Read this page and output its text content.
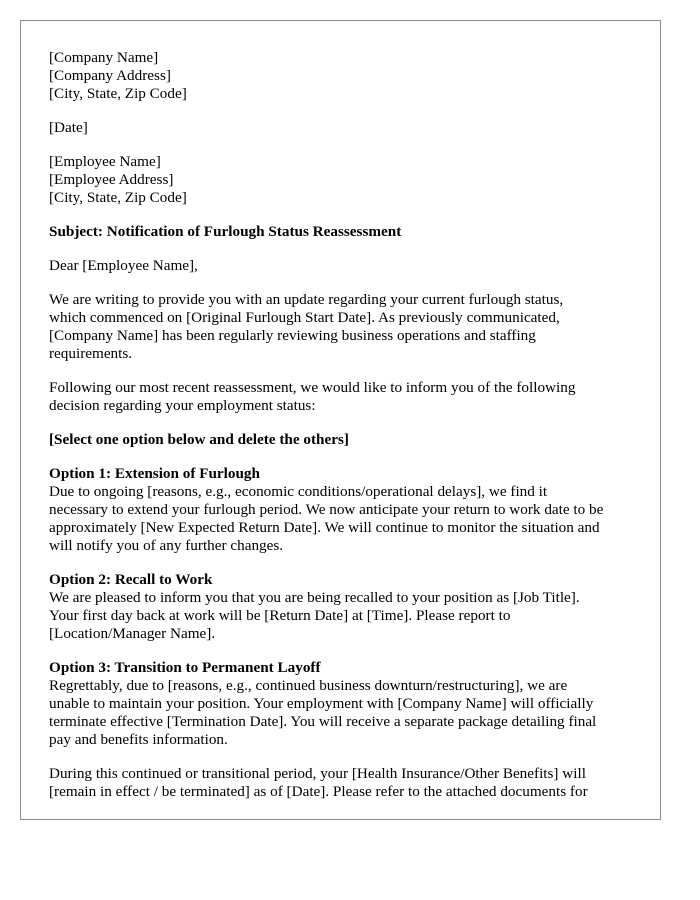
[Company Name]
[Company Address]
[City, State, Zip Code]
[Date]
[Employee Name]
[Employee Address]
[City, State, Zip Code]
Subject: Notification of Furlough Status Reassessment
Dear [Employee Name],
We are writing to provide you with an update regarding your current furlough status,
which commenced on [Original Furlough Start Date]. As previously communicated,
[Company Name] has been regularly reviewing business operations and staffing
requirements.
Following our most recent reassessment, we would like to inform you of the following
decision regarding your employment status:
[Select one option below and delete the others]
Option 1: Extension of Furlough
Due to ongoing [reasons, e.g., economic conditions/operational delays], we find it
necessary to extend your furlough period. We now anticipate your return to work date to be
approximately [New Expected Return Date]. We will continue to monitor the situation and
will notify you of any further changes.
Option 2: Recall to Work
We are pleased to inform you that you are being recalled to your position as [Job Title].
Your first day back at work will be [Return Date] at [Time]. Please report to
[Location/Manager Name].
Option 3: Transition to Permanent Layoff
Regrettably, due to [reasons, e.g., continued business downturn/restructuring], we are
unable to maintain your position. Your employment with [Company Name] will officially
terminate effective [Termination Date]. You will receive a separate package detailing final
pay and benefits information.
During this continued or transitional period, your [Health Insurance/Other Benefits] will
[remain in effect / be terminated] as of [Date]. Please refer to the attached documents for
